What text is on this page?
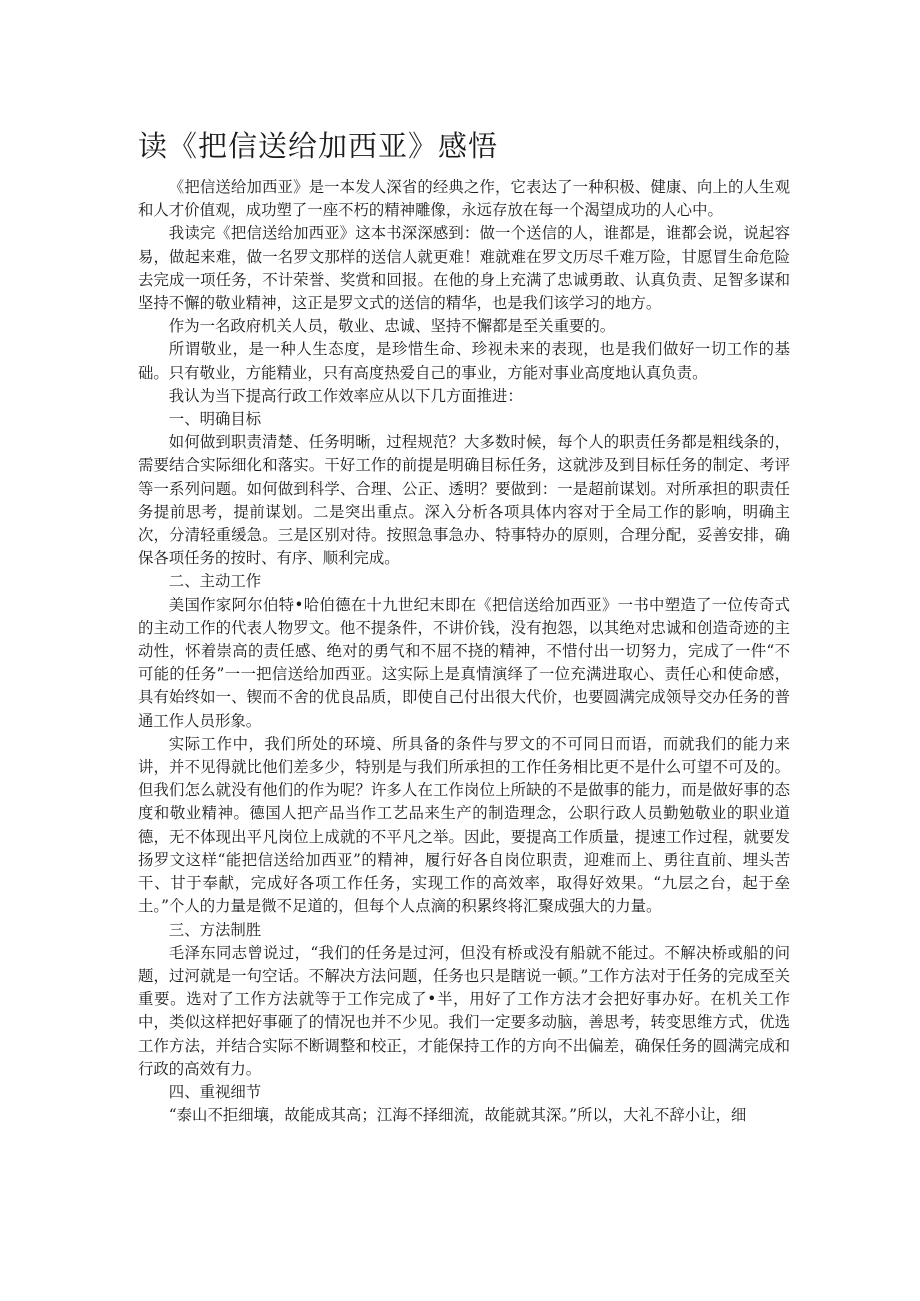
读《把信送给加西亚》感悟

《把信送给加西亚》是一本发人深省的经典之作，它表达了一种积极、健康、向上的人生观和人才价值观，成功塑了一座不朽的精神雕像，永远存放在每一个渴望成功的人心中。

我读完《把信送给加西亚》这本书深深感到：做一个送信的人，谁都是，谁都会说，说起容易，做起来难，做一名罗文那样的送信人就更难！难就难在罗文历尽千难万险，甘愿冒生命危险去完成一项任务，不计荣誉、奖赏和回报。在他的身上充满了忠诚勇敢、认真负责、足智多谋和坚持不懈的敬业精神，这正是罗文式的送信的精华，也是我们该学习的地方。

作为一名政府机关人员，敬业、忠诚、坚持不懈都是至关重要的。

所谓敬业，是一种人生态度，是珍惜生命、珍视未来的表现，也是我们做好一切工作的基础。只有敬业，方能精业，只有高度热爱自己的事业，方能对事业高度地认真负责。

我认为当下提高行政工作效率应从以下几方面推进：

一、明确目标

如何做到职责清楚、任务明晰，过程规范？大多数时候，每个人的职责任务都是粗线条的，需要结合实际细化和落实。干好工作的前提是明确目标任务，这就涉及到目标任务的制定、考评等一系列问题。如何做到科学、合理、公正、透明？要做到：一是超前谋划。对所承担的职责任务提前思考，提前谋划。二是突出重点。深入分析各项具体内容对于全局工作的影响，明确主次，分清轻重缓急。三是区别对待。按照急事急办、特事特办的原则，合理分配，妥善安排，确保各项任务的按时、有序、顺利完成。

二、主动工作

美国作家阿尔伯特•哈伯德在十九世纪末即在《把信送给加西亚》一书中塑造了一位传奇式的主动工作的代表人物罗文。他不提条件，不讲价钱，没有抱怨，以其绝对忠诚和创造奇迹的主动性，怀着崇高的责任感、绝对的勇气和不屈不挠的精神，不惜付出一切努力，完成了一件“不可能的任务”一一把信送给加西亚。这实际上是真情演绎了一位充满进取心、责任心和使命感，具有始终如一、锲而不舍的优良品质，即使自己付出很大代价，也要圆满完成领导交办任务的普通工作人员形象。

实际工作中，我们所处的环境、所具备的条件与罗文的不可同日而语，而就我们的能力来讲，并不见得就比他们差多少，特别是与我们所承担的工作任务相比更不是什么可望不可及的。但我们怎么就没有他们的作为呢？许多人在工作岗位上所缺的不是做事的能力，而是做好事的态度和敬业精神。德国人把产品当作工艺品来生产的制造理念，公职行政人员勤勉敬业的职业道德，无不体现出平凡岗位上成就的不平凡之举。因此，要提高工作质量，提速工作过程，就要发扬罗文这样“能把信送给加西亚”的精神，履行好各自岗位职责，迎难而上、勇往直前、埋头苦干、甘于奉献，完成好各项工作任务，实现工作的高效率，取得好效果。“九层之台，起于垒土。”个人的力量是微不足道的，但每个人点滴的积累终将汇聚成强大的力量。

三、方法制胜

毛泽东同志曾说过，“我们的任务是过河，但没有桥或没有船就不能过。不解决桥或船的问题，过河就是一句空话。不解决方法问题，任务也只是瞎说一顿。”工作方法对于任务的完成至关重要。选对了工作方法就等于工作完成了•半，用好了工作方法才会把好事办好。在机关工作中，类似这样把好事砸了的情况也并不少见。我们一定要多动脑，善思考，转变思维方式，优选工作方法，并结合实际不断调整和校正，才能保持工作的方向不出偏差，确保任务的圆满完成和行政的高效有力。

四、重视细节

“泰山不拒细壤，故能成其高；江海不择细流，故能就其深。”所以，大礼不辞小让，细
